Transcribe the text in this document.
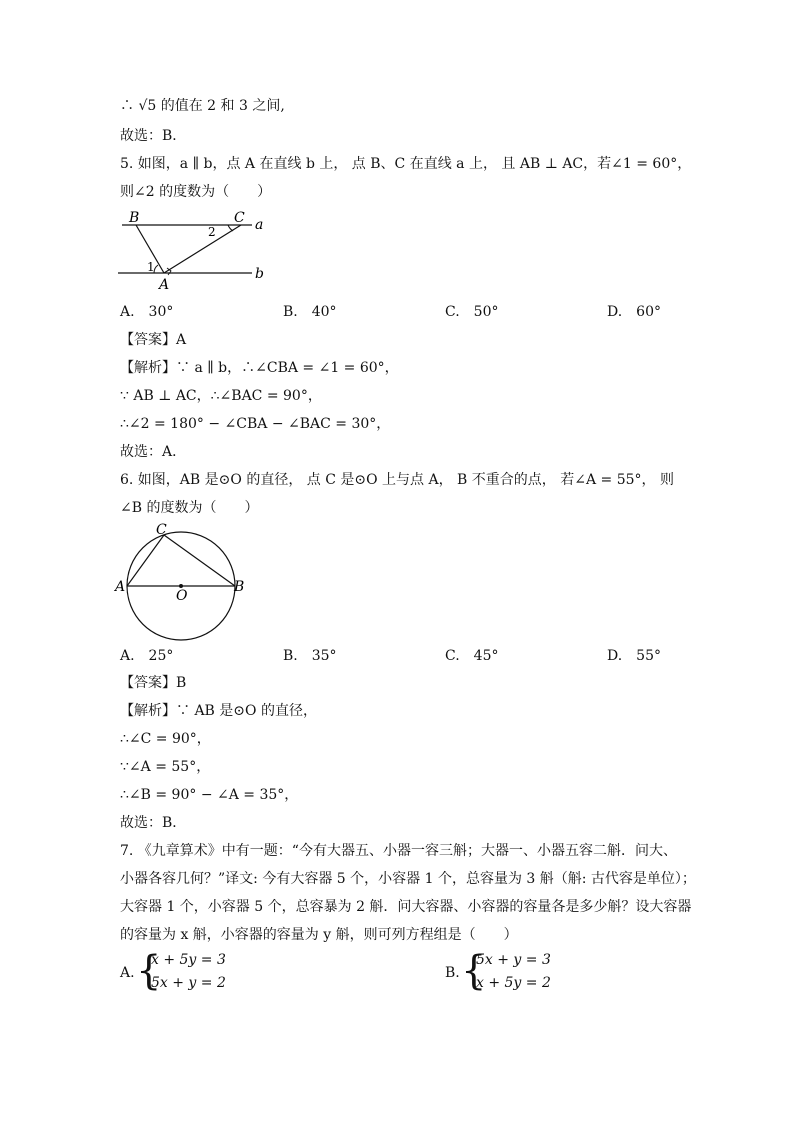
∴ √5 的值在 2 和 3 之间,
故选：B．
5. 如图，a ∥ b，点 A 在直线 b 上， 点 B、C 在直线 a 上， 且 AB ⊥ AC，若∠1 = 60°，
则∠2 的度数为（　　）
B	C a
2
1
A
b
A.　30°	B.　40°	C.　50°	D.　60°
【答案】A
【解析】∵ a ∥ b，∴∠CBA = ∠1 = 60°，
∵ AB ⊥ AC，∴∠BAC = 90°，
∴∠2 = 180° − ∠CBA − ∠BAC = 30°，
故选：A．
6. 如图，AB 是⊙O 的直径， 点 C 是⊙O 上与点 A， B 不重合的点， 若∠A = 55°， 则
∠B 的度数为（　　）
C
A
O
B
A.　25°	B.　35°	C.　45°	D.　55°
【答案】B
【解析】∵ AB 是⊙O 的直径，
∴∠C = 90°，
∵∠A = 55°，
∴∠B = 90° − ∠A = 35°，
故选：B．
7. 《九章算术》中有一题：“今有大器五、小器一容三斛；大器一、小器五容二斛．问大、
小器各容几何？”译文: 今有大容器 5 个，小容器 1 个，总容量为 3 斛（斛: 古代容是单位）；
大容器 1 个，小容器 5 个，总容暴为 2 斛．问大容器、小容器的容量各是多少斛？设大容器
的容量为 x 斛，小容器的容量为 y 斛，则可列方程组是（　　）
A. {
x + 5y = 3
5x + y = 2
B. {
5x + y = 3
x + 5y = 2
